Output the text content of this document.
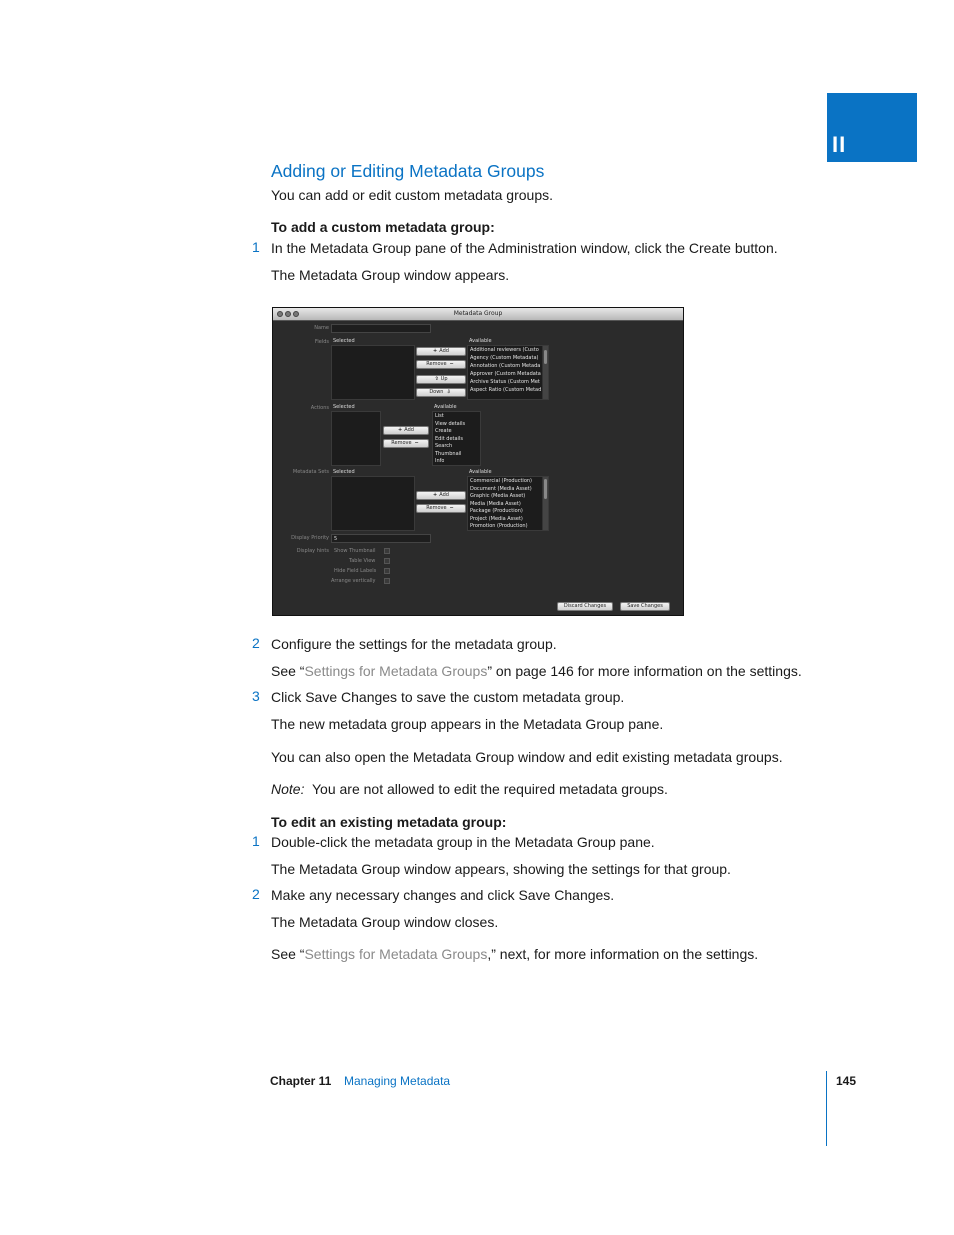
II
Adding or Editing Metadata Groups
You can add or edit custom metadata groups.
To add a custom metadata group:
1 In the Metadata Group pane of the Administration window, click the Create button.
The Metadata Group window appears.
Metadata Group
Name
Fields Selected
+ Add
Remove −
⇧ Up
Down ⇩
Available
Additional reviewers (Custo
Agency (Custom Metadata)
Annotation (Custom Metada
Approver (Custom Metadata
Archive Status (Custom Met
Aspect Ratio (Custom Metad
Actions Selected
+ Add
Remove −
Available
List
View details
Create
Edit details
Search
Thumbnail
Info
Metadata Sets Selected
+ Add
Remove −
Available
Commercial (Production)
Document (Media Asset)
Graphic (Media Asset)
Media (Media Asset)
Package (Production)
Project (Media Asset)
Promotion (Production)
Display Priority 5
Display hints Show Thumbnail
Table View
Hide Field Labels
Arrange vertically
Discard Changes	Save Changes
2 Configure the settings for the metadata group.
See “Settings for Metadata Groups” on page 146 for more information on the settings.
3 Click Save Changes to save the custom metadata group.
The new metadata group appears in the Metadata Group pane.
You can also open the Metadata Group window and edit existing metadata groups.
Note: You are not allowed to edit the required metadata groups.
To edit an existing metadata group:
1 Double-click the metadata group in the Metadata Group pane.
The Metadata Group window appears, showing the settings for that group.
2 Make any necessary changes and click Save Changes.
The Metadata Group window closes.
See “Settings for Metadata Groups,” next, for more information on the settings.
Chapter 11 Managing Metadata	145
